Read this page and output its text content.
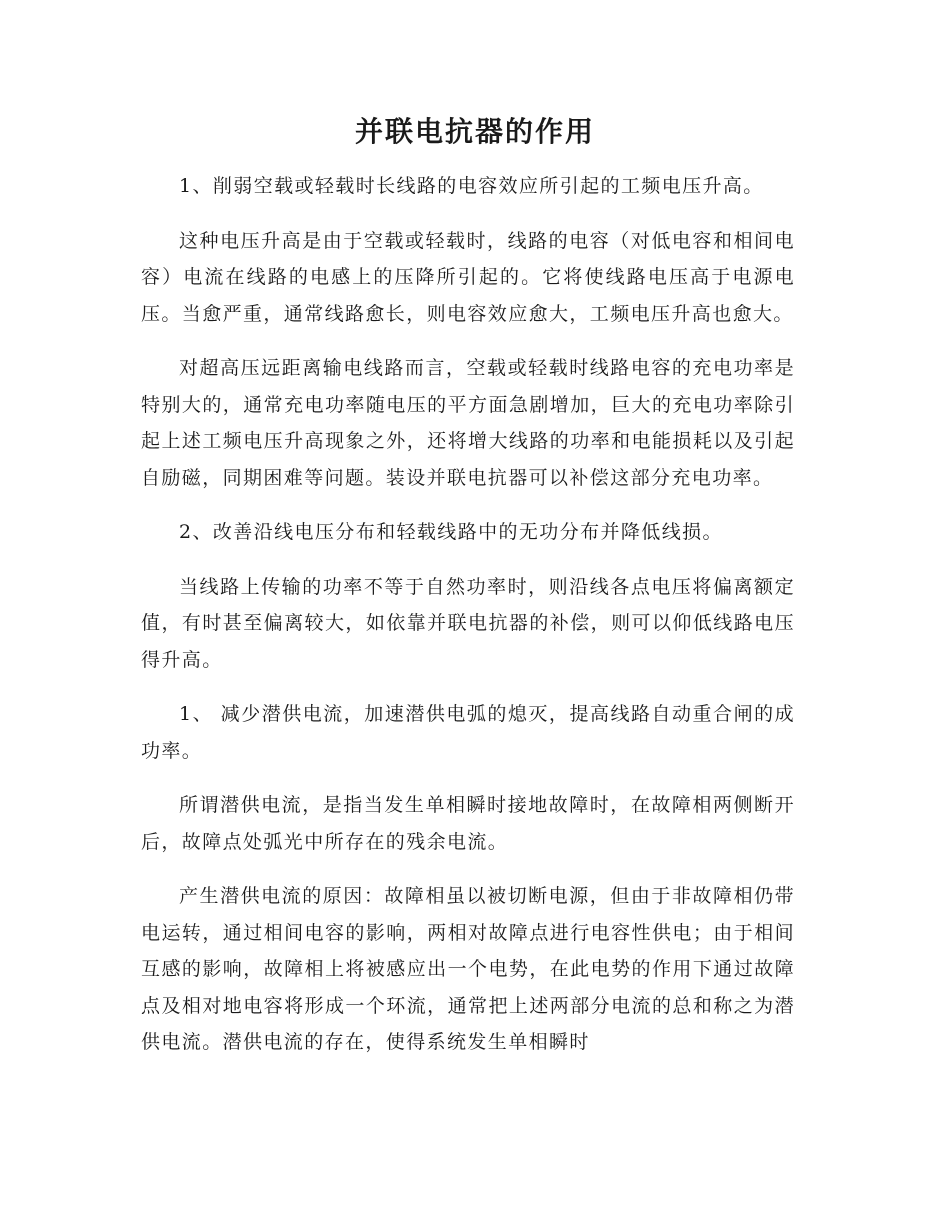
并联电抗器的作用

1、削弱空载或轻载时长线路的电容效应所引起的工频电压升高。

这种电压升高是由于空载或轻载时，线路的电容（对低电容和相间电容）电流在线路的电感上的压降所引起的。它将使线路电压高于电源电压。当愈严重，通常线路愈长，则电容效应愈大，工频电压升高也愈大。

对超高压远距离输电线路而言，空载或轻载时线路电容的充电功率是特别大的，通常充电功率随电压的平方面急剧增加，巨大的充电功率除引起上述工频电压升高现象之外，还将增大线路的功率和电能损耗以及引起自励磁，同期困难等问题。装设并联电抗器可以补偿这部分充电功率。

2、改善沿线电压分布和轻载线路中的无功分布并降低线损。

当线路上传输的功率不等于自然功率时，则沿线各点电压将偏离额定值，有时甚至偏离较大，如依靠并联电抗器的补偿，则可以仰低线路电压得升高。

1、 减少潜供电流，加速潜供电弧的熄灭，提高线路自动重合闸的成功率。

所谓潜供电流，是指当发生单相瞬时接地故障时，在故障相两侧断开后，故障点处弧光中所存在的残余电流。

产生潜供电流的原因：故障相虽以被切断电源，但由于非故障相仍带电运转，通过相间电容的影响，两相对故障点进行电容性供电；由于相间互感的影响，故障相上将被感应出一个电势，在此电势的作用下通过故障点及相对地电容将形成一个环流，通常把上述两部分电流的总和称之为潜供电流。潜供电流的存在，使得系统发生单相瞬时
